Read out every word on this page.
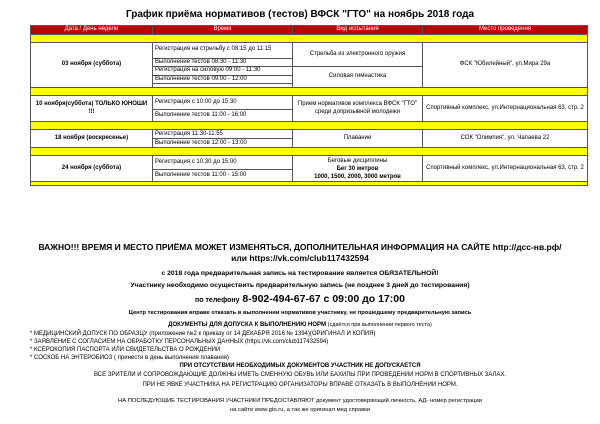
График приёма нормативов (тестов) ВФСК "ГТО" на ноябрь 2018 года
Дата / День недели	Время	Вид испытания	Место проведения

03 ноября (суббота)	Регистрация на стрельбу с 08:15 до 11:15	Стрельба из электронного оружия	ФСК "Юбилейный", ул.Мира 29а
	Выполнение тестов 08:30 - 11:30		
	Регистрация на силовую 09:00 - 11:30	Силовая гимнастика	
	Выполнение тестов 09:00 - 12:00		

10 ноября(суббота) ТОЛЬКО ЮНОШИ !!!	Регистрация с 10:00 до 15:30	Прием нормативов комплекса ВФСК "ГТО" среди допризывной молодежи	Спортивный комплекс, ул.Интернациональная 63, стр. 2
	Выполнение тестов 11:00 - 16:00		

18 ноября (воскресенье)	Регистрация 11:30-11:55	Плавание	СОК "Олимпия", ул. Чапаева 22
	Выполнение тестов 12:00 - 13:00		

24 ноября (суббота)	Регистрация с 10:30 до 15:00	Беговые дисциплины
Бег 30 метров
1000, 1500, 2000, 3000 метров	Спортивный комплекс, ул.Интернациональная 63, стр. 2
	Выполнение тестов 11:00 - 15:00		

ВАЖНО!!! ВРЕМЯ И МЕСТО ПРИЁМА МОЖЕТ ИЗМЕНЯТЬСЯ, ДОПОЛНИТЕЛЬНАЯ ИНФОРМАЦИЯ НА САЙТЕ http://дсс-нв.рф/
или https://vk.com/club117432594
с 2018 года предварительная запись на тестирование является ОБЯЗАТЕЛЬНОЙ!
Участнику необходимо осуществить предварительную запись (не позднее 3 дней до тестирования)
по телефону 8-902-494-67-67 с 09:00 до 17:00
Центр тестирования вправе отказать в выполнении нормативов участнику, не прошедшему предварительную запись
ДОКУМЕНТЫ ДЛЯ ДОПУСКА К ВЫПОЛНЕНИЮ НОРМ (сдаётся при выполнении первого теста)
* МЕДИЦИНСКИЙ ДОПУСК ПО ОБРАЗЦУ (приложение №2 к приказу от 14 ДЕКАБРЯ 2016 № 1394)(ОРИГИНАЛ И КОПИЯ)
* ЗАЯВЛЕНИЕ С СОГЛАСИЕМ НА ОБРАБОТКУ ПЕРСОНАЛЬНЫХ ДАННЫХ (https://vk.com/club117432594)
* КСЕРОКОПИЯ ПАСПОРТА ИЛИ СВИДЕТЕЛЬСТВА О РОЖДЕНИИ
* СОСКОБ НА ЭНТЕРОБИОЗ ( принести в день выполнения плавания)
ПРИ ОТСУТСТВИИ НЕОБХОДИМЫХ ДОКУМЕНТОВ УЧАСТНИК НЕ ДОПУСКАЕТСЯ
ВСЕ ЗРИТЕЛИ И СОПРОВОЖДАЮЩИЕ ДОЛЖНЫ ИМЕТЬ СМЕННУЮ ОБУВЬ ИЛИ БАХИЛЫ ПРИ ПРОВЕДЕНИИ НОРМ В СПОРТИВНЫХ ЗАЛАХ.
ПРИ НЕ ЯВКЕ УЧАСТНИКА НА РЕГИСТРАЦИЮ ОРГАНИЗАТОРЫ ВПРАВЕ ОТКАЗАТЬ В ВЫПОЛНЕНИИ НОРМ.
НА ПОСЛЕДУЮЩИЕ ТЕСТИРОВАНИЯ УЧАСТНИКИ ПРЕДОСТАВЛЯЮТ документ удостоверяющий личность, АД- номер регистрации
на сайте www.gto.ru, а так же оригинал мед справки
